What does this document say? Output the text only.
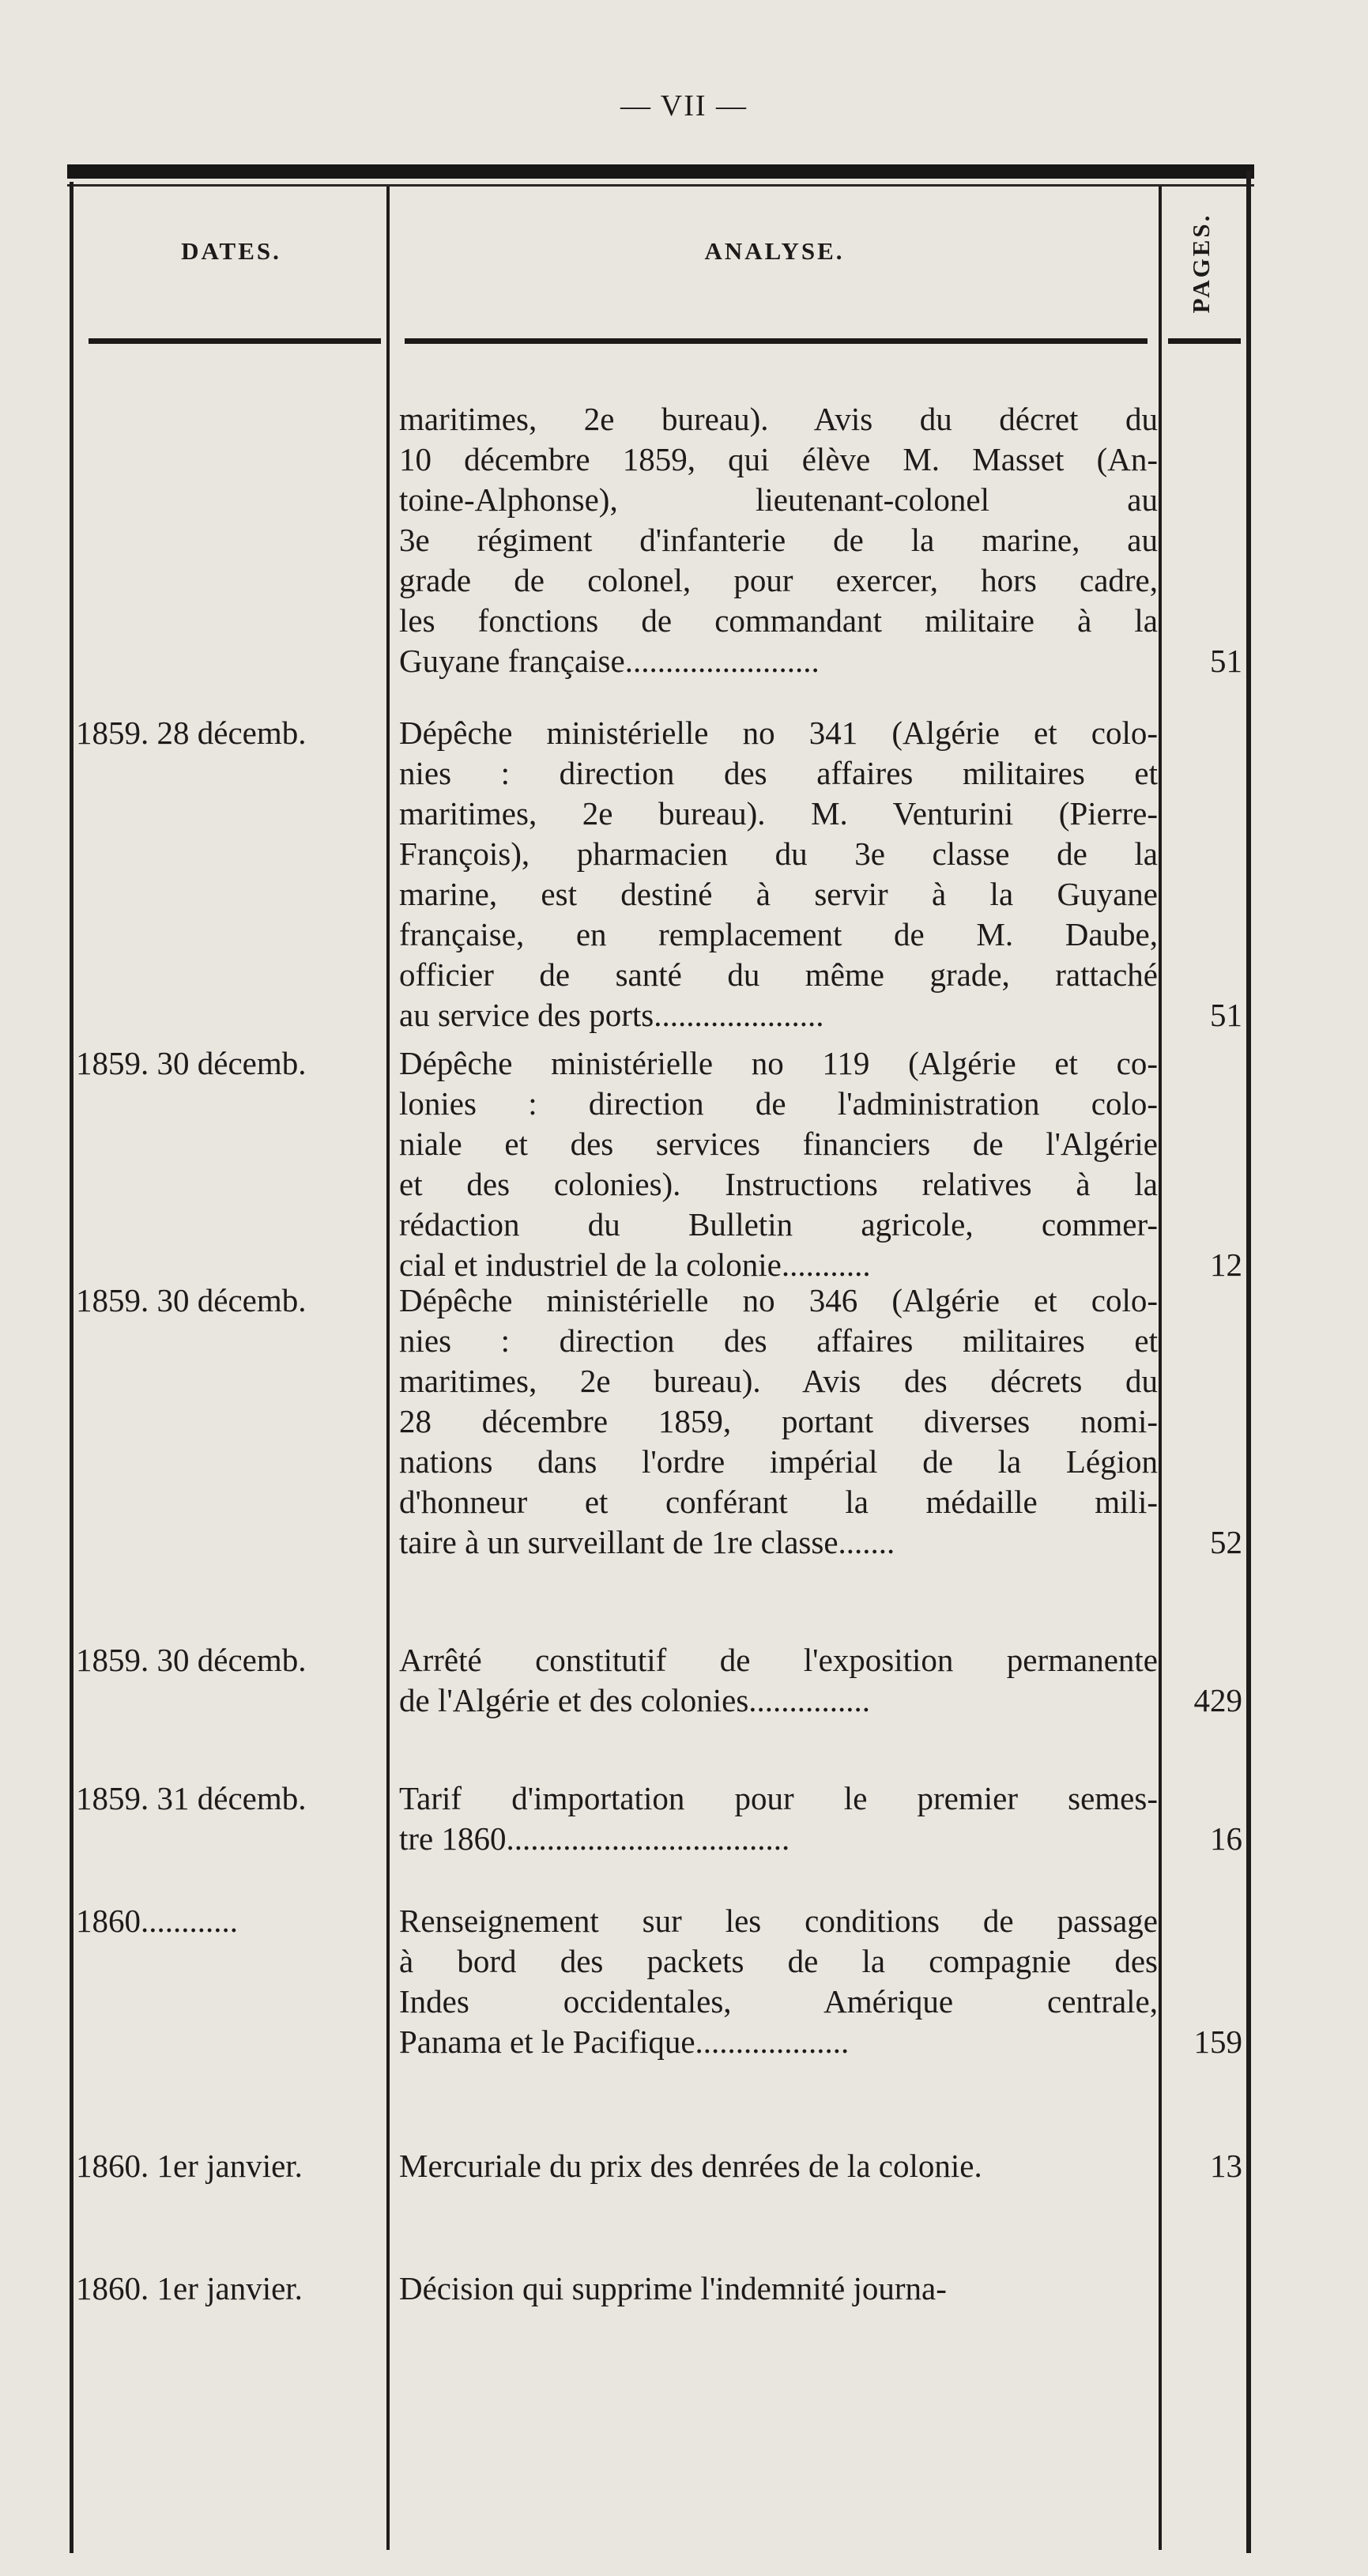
— VII —
DATES.	ANALYSE.	PAGES.
maritimes, 2e bureau). Avis du décret du
10 décembre 1859, qui élève M. Masset (An-
toine-Alphonse), lieutenant-colonel au
3e régiment d'infanterie de la marine, au
grade de colonel, pour exercer, hors cadre,
les fonctions de commandant militaire à la
Guyane française........................	51
1859. 28 décemb.	Dépêche ministérielle no 341 (Algérie et colo-
nies : direction des affaires militaires et
maritimes, 2e bureau). M. Venturini (Pierre-
François), pharmacien du 3e classe de la
marine, est destiné à servir à la Guyane
française, en remplacement de M. Daube,
officier de santé du même grade, rattaché
au service des ports.....................	51
1859. 30 décemb.	Dépêche ministérielle no 119 (Algérie et co-
lonies : direction de l'administration colo-
niale et des services financiers de l'Algérie
et des colonies). Instructions relatives à la
rédaction du Bulletin agricole, commer-
cial et industriel de la colonie...........	12
1859. 30 décemb.	Dépêche ministérielle no 346 (Algérie et colo-
nies : direction des affaires militaires et
maritimes, 2e bureau). Avis des décrets du
28 décembre 1859, portant diverses nomi-
nations dans l'ordre impérial de la Légion
d'honneur et conférant la médaille mili-
taire à un surveillant de 1re classe.......	52
1859. 30 décemb.	Arrêté constitutif de l'exposition permanente
de l'Algérie et des colonies...............	429
1859. 31 décemb.	Tarif d'importation pour le premier semes-
tre 1860...................................	16
1860............	Renseignement sur les conditions de passage
à bord des packets de la compagnie des
Indes occidentales, Amérique centrale,
Panama et le Pacifique...................	159
1860. 1er janvier.	Mercuriale du prix des denrées de la colonie.	13
1860. 1er janvier.	Décision qui supprime l'indemnité journa-
